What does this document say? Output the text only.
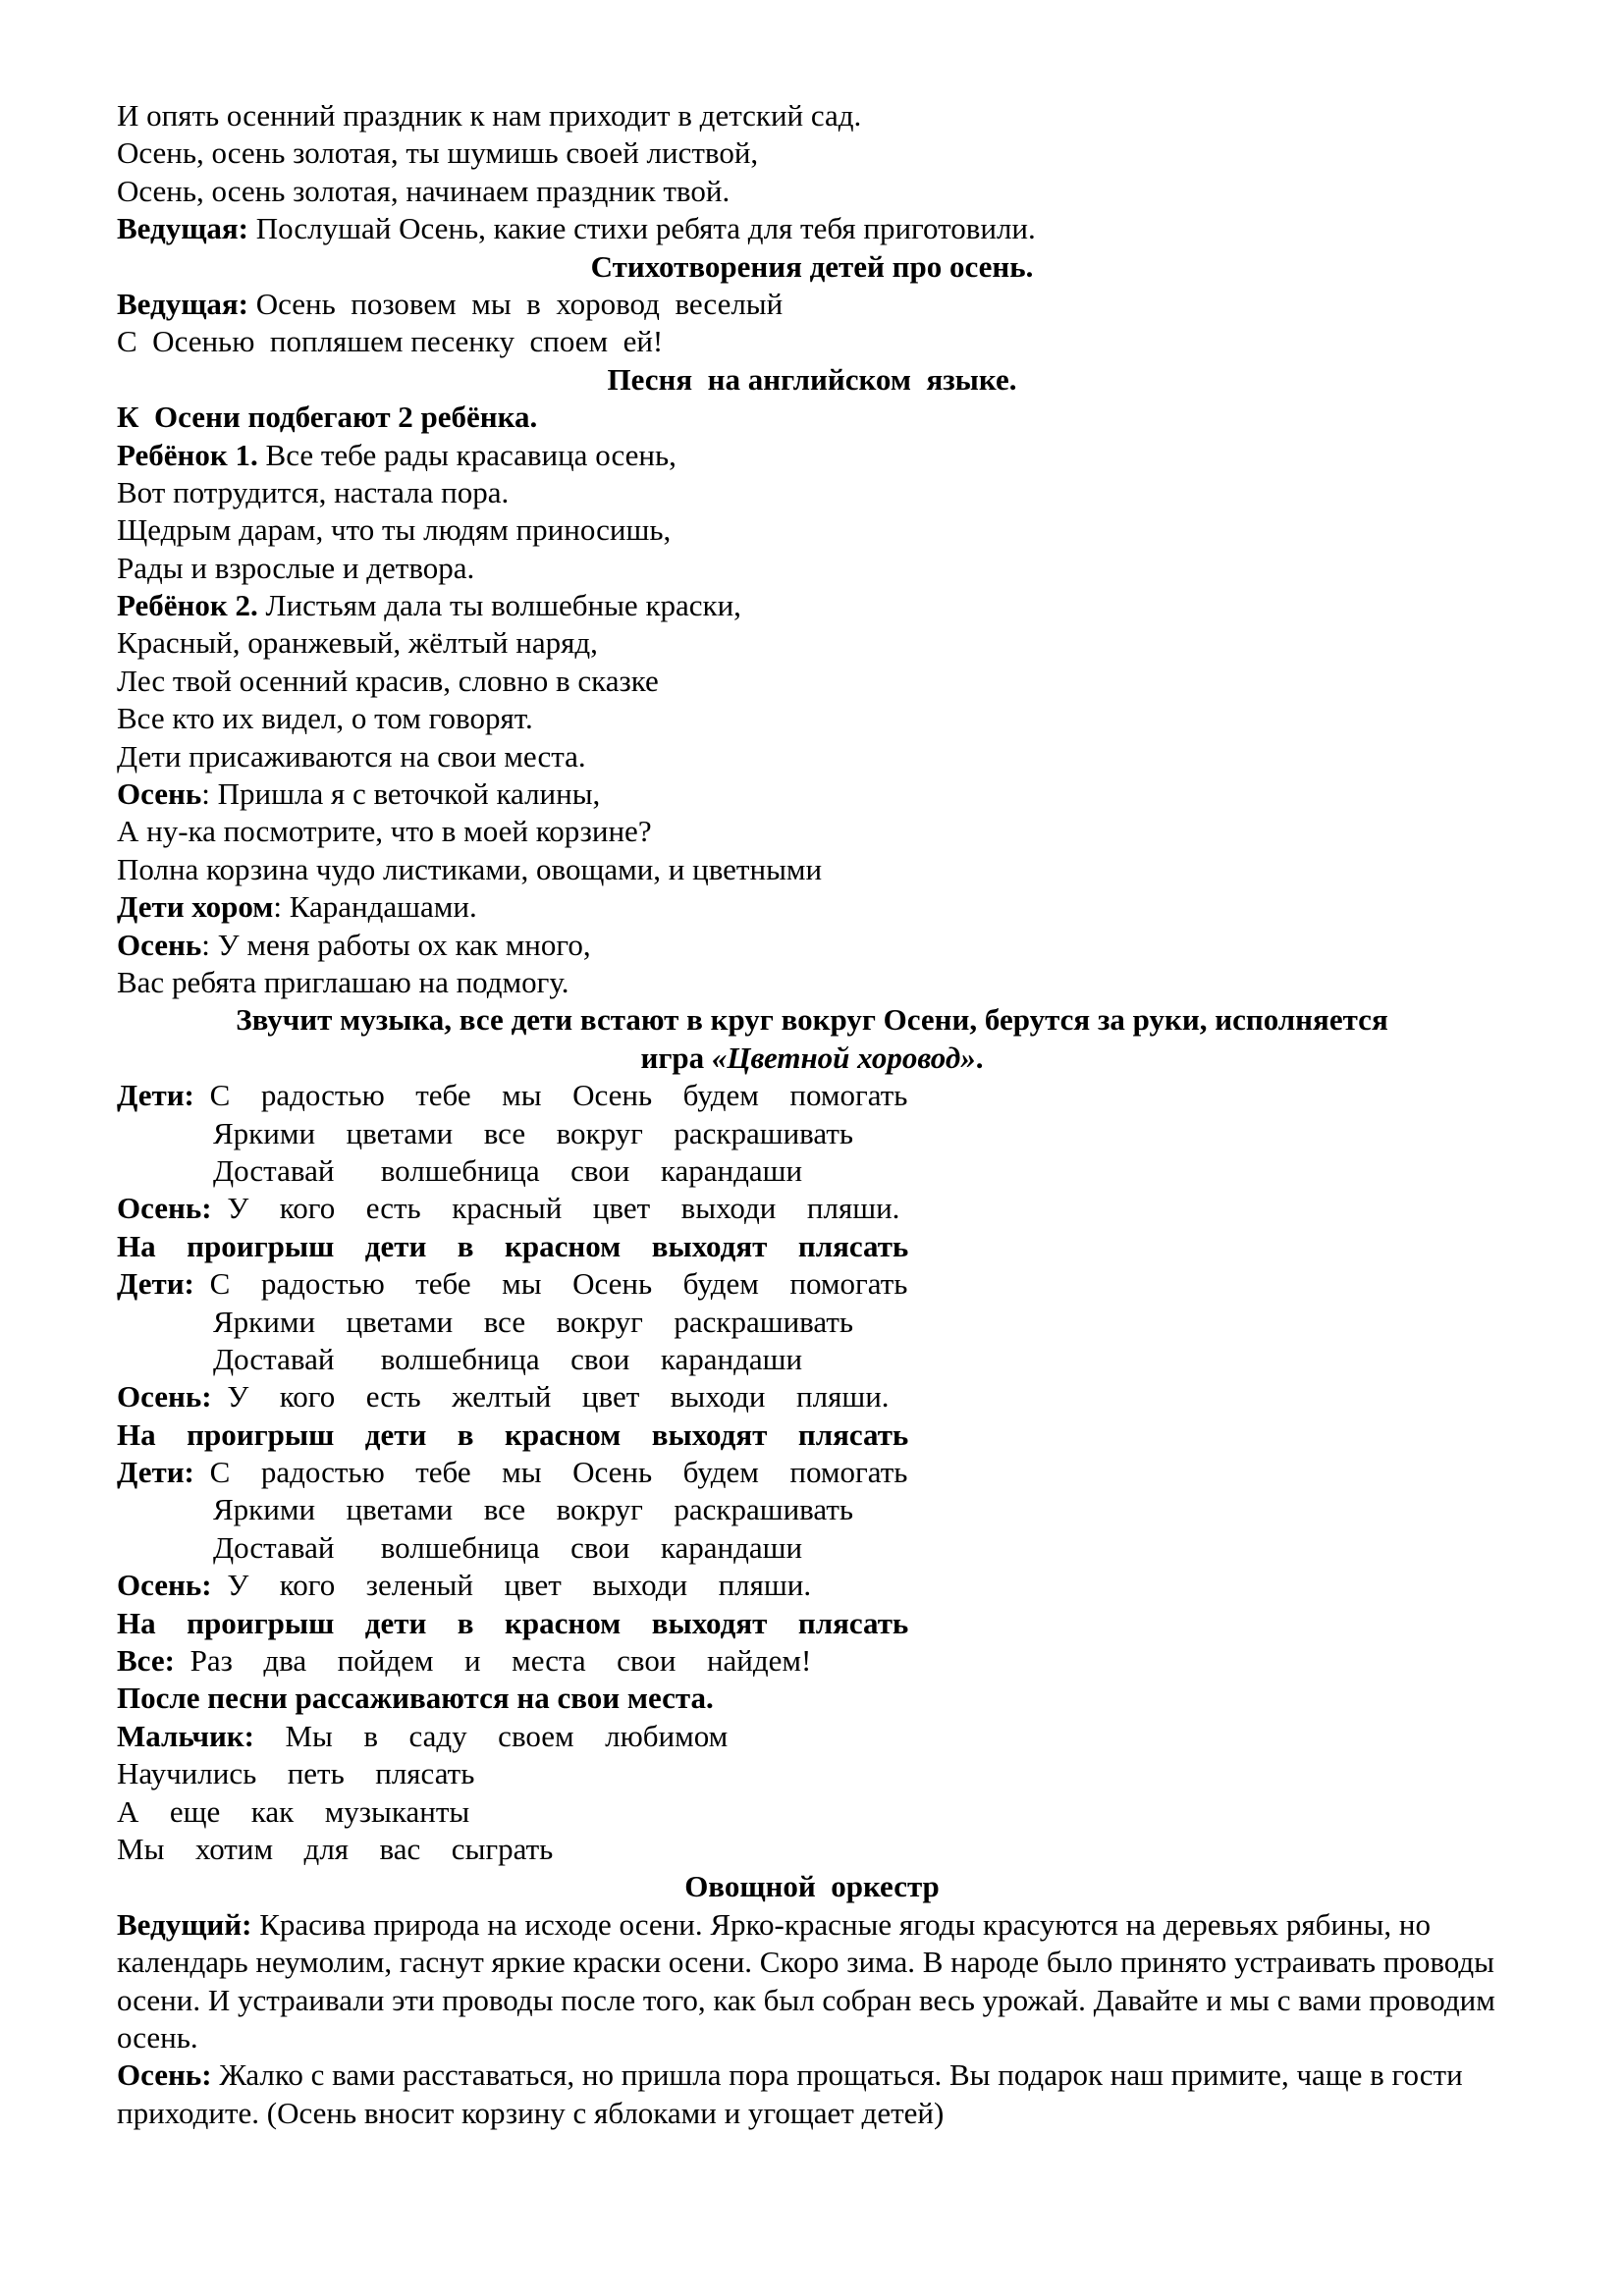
И опять осенний праздник к нам приходит в детский сад.
Осень, осень золотая, ты шумишь своей листвой,
Осень, осень золотая, начинаем праздник твой.
Ведущая: Послушай Осень, какие стихи ребята для тебя приготовили.
Стихотворения детей про осень.
Ведущая: Осень  позовем  мы  в  хоровод  веселый
С  Осенью  попляшем песенку  споем  ей!
Песня  на английском  языке.
К  Осени подбегают 2 ребёнка.
Ребёнок 1. Все тебе рады красавица осень,
Вот потрудится, настала пора.
Щедрым дарам, что ты людям приносишь,
Рады и взрослые и детвора.
Ребёнок 2. Листьям дала ты волшебные краски,
Красный, оранжевый, жёлтый наряд,
Лес твой осенний красив, словно в сказке
Все кто их видел, о том говорят.
Дети присаживаются на свои места.
Осень: Пришла я с веточкой калины,
А ну-ка посмотрите, что в моей корзине?
Полна корзина чудо листиками, овощами, и цветными
Дети хором: Карандашами.
Осень: У меня работы ох как много,
Вас ребята приглашаю на подмогу.
Звучит музыка, все дети встают в круг вокруг Осени, берутся за руки, исполняется
игра «Цветной хоровод».
Дети: С  радостью  тебе  мы  Осень  будем  помогать
Яркими  цветами  все  вокруг  раскрашивать
Доставай   волшебница  свои  карандаши
Осень: У  кого  есть  красный  цвет  выходи  пляши.
На  проигрыш  дети  в  красном  выходят  плясать
Дети: С  радостью  тебе  мы  Осень  будем  помогать
Яркими  цветами  все  вокруг  раскрашивать
Доставай   волшебница  свои  карандаши
Осень: У  кого  есть  желтый  цвет  выходи  пляши.
На  проигрыш  дети  в  красном  выходят  плясать
Дети: С  радостью  тебе  мы  Осень  будем  помогать
Яркими  цветами  все  вокруг  раскрашивать
Доставай   волшебница  свои  карандаши
Осень: У  кого  зеленый  цвет  выходи  пляши.
На  проигрыш  дети  в  красном  выходят  плясать
Все: Раз  два  пойдем  и  места  свои  найдем!
После песни рассаживаются на свои места.
Мальчик:  Мы  в  саду  своем  любимом
Научились  петь  плясать
А  еще  как  музыканты
Мы  хотим  для  вас  сыграть
Овощной  оркестр
Ведущий: Красива природа на исходе осени. Ярко-красные ягоды красуются на деревьях рябины, но календарь неумолим, гаснут яркие краски осени. Скоро зима. В народе было принято устраивать проводы осени. И устраивали эти проводы после того, как был собран весь урожай. Давайте и мы с вами проводим осень.
Осень: Жалко с вами расставаться, но пришла пора прощаться. Вы подарок наш примите, чаще в гости приходите. (Осень вносит корзину с яблоками и угощает детей)
